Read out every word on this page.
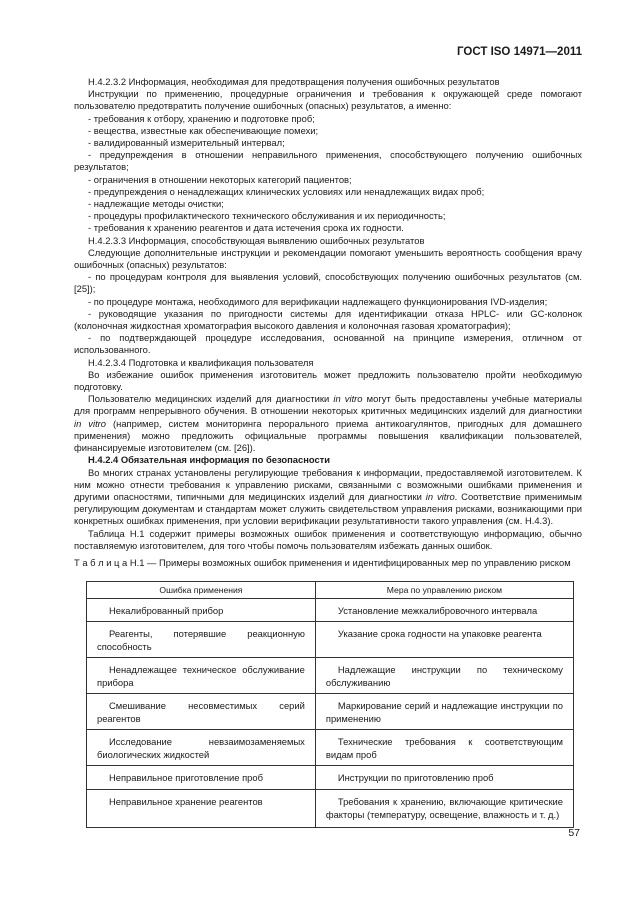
ГОСТ ISO 14971—2011

H.4.2.3.2 Информация, необходимая для предотвращения получения ошибочных результатов

Инструкции по применению, процедурные ограничения и требования к окружающей среде помогают пользователю предотвратить получение ошибочных (опасных) результатов, а именно:

- требования к отбору, хранению и подготовке проб;

- вещества, известные как обеспечивающие помехи;

- валидированный измерительный интервал;

- предупреждения в отношении неправильного применения, способствующего получению ошибочных результатов;

- ограничения в отношении некоторых категорий пациентов;

- предупреждения о ненадлежащих клинических условиях или ненадлежащих видах проб;

- надлежащие методы очистки;

- процедуры профилактического технического обслуживания и их периодичность;

- требования к хранению реагентов и дата истечения срока их годности.

H.4.2.3.3 Информация, способствующая выявлению ошибочных результатов

Следующие дополнительные инструкции и рекомендации помогают уменьшить вероятность сообщения врачу ошибочных (опасных) результатов:

- по процедурам контроля для выявления условий, способствующих получению ошибочных результатов (см. [25]);

- по процедуре монтажа, необходимого для верификации надлежащего функционирования IVD-изделия;

- руководящие указания по пригодности системы для идентификации отказа HPLC- или GC-колонок (колоночная жидкостная хроматография высокого давления и колоночная газовая хроматография);

- по подтверждающей процедуре исследования, основанной на принципе измерения, отличном от использованного.

H.4.2.3.4 Подготовка и квалификация пользователя

Во избежание ошибок применения изготовитель может предложить пользователю пройти необходимую подготовку.

Пользователю медицинских изделий для диагностики in vitro могут быть предоставлены учебные материалы для программ непрерывного обучения. В отношении некоторых критичных медицинских изделий для диагностики in vitro (например, систем мониторинга перорального приема антикоагулянтов, пригодных для домашнего применения) можно предложить официальные программы повышения квалификации пользователей, финансируемые изготовителем (см. [26]).

H.4.2.4 Обязательная информация по безопасности

Во многих странах установлены регулирующие требования к информации, предоставляемой изготовителем. К ним можно отнести требования к управлению рисками, связанными с возможными ошибками применения и другими опасностями, типичными для медицинских изделий для диагностики in vitro. Соответствие применимым регулирующим документам и стандартам может служить свидетельством управления рисками, возникающими при конкретных ошибках применения, при условии верификации результативности такого управления (см. H.4.3).

Таблица H.1 содержит примеры возможных ошибок применения и соответствующую информацию, обычно поставляемую изготовителем, для того чтобы помочь пользователям избежать данных ошибок.

Т а б л и ц а H.1 — Примеры возможных ошибок применения и идентифицированных мер по управлению риском

Ошибка применения	Мера по управлению риском

Некалиброванный прибор	Установление межкалибровочного интервала

Реагенты, потерявшие реакционную способность	Указание срока годности на упаковке реагента

Ненадлежащее техническое обслуживание прибора	Надлежащие инструкции по техническому обслуживанию

Смешивание несовместимых серий реагентов	Маркирование серий и надлежащие инструкции по применению

Исследование невзаимозаменяемых биологических жидкостей	Технические требования к соответствующим видам проб

Неправильное приготовление проб	Инструкции по приготовлению проб

Неправильное хранение реагентов	Требования к хранению, включающие критические факторы (температуру, освещение, влажность и т. д.)

57
